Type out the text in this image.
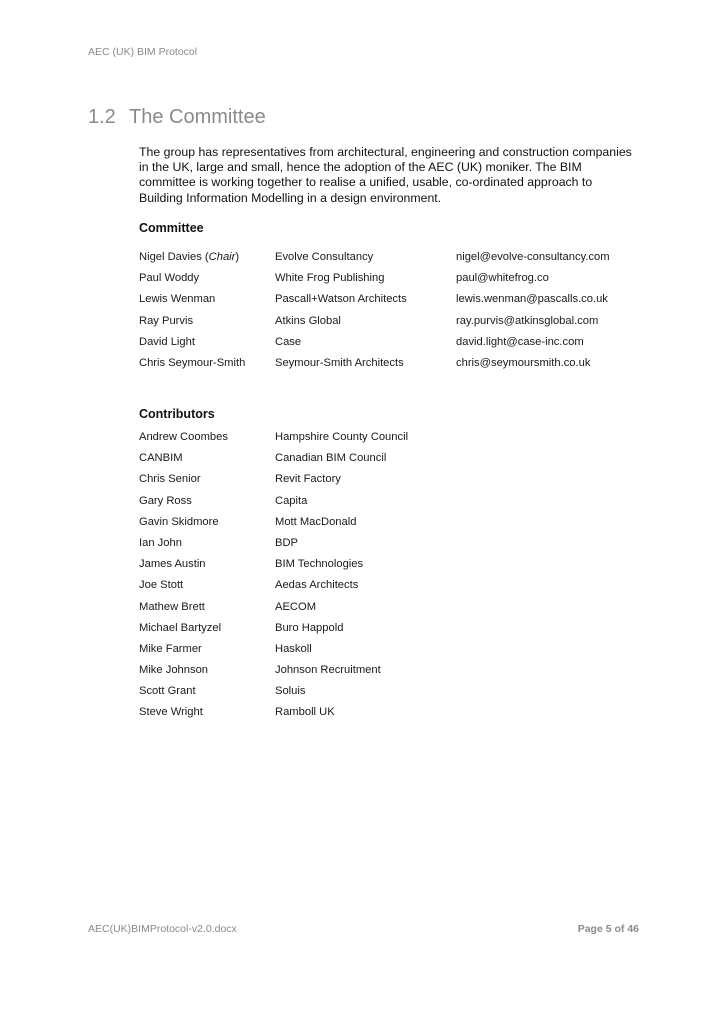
AEC (UK) BIM Protocol
1.2 The Committee

The group has representatives from architectural, engineering and construction companies in the UK, large and small, hence the adoption of the AEC (UK) moniker. The BIM committee is working together to realise a unified, usable, co-ordinated approach to Building Information Modelling in a design environment.

Committee
Nigel Davies (Chair)	Evolve Consultancy	nigel@evolve-consultancy.com
Paul Woddy	White Frog Publishing	paul@whitefrog.co
Lewis Wenman	Pascall+Watson Architects	lewis.wenman@pascalls.co.uk
Ray Purvis	Atkins Global	ray.purvis@atkinsglobal.com
David Light	Case	david.light@case-inc.com
Chris Seymour-Smith	Seymour-Smith Architects	chris@seymoursmith.co.uk
Contributors
Andrew Coombes	Hampshire County Council
CANBIM	Canadian BIM Council
Chris Senior	Revit Factory
Gary Ross	Capita
Gavin Skidmore	Mott MacDonald
Ian John	BDP
James Austin	BIM Technologies
Joe Stott	Aedas Architects
Mathew Brett	AECOM
Michael Bartyzel	Buro Happold
Mike Farmer	Haskoll
Mike Johnson	Johnson Recruitment
Scott Grant	Soluis
Steve Wright	Ramboll UK
AEC(UK)BIMProtocol-v2.0.docx	Page 5 of 46
